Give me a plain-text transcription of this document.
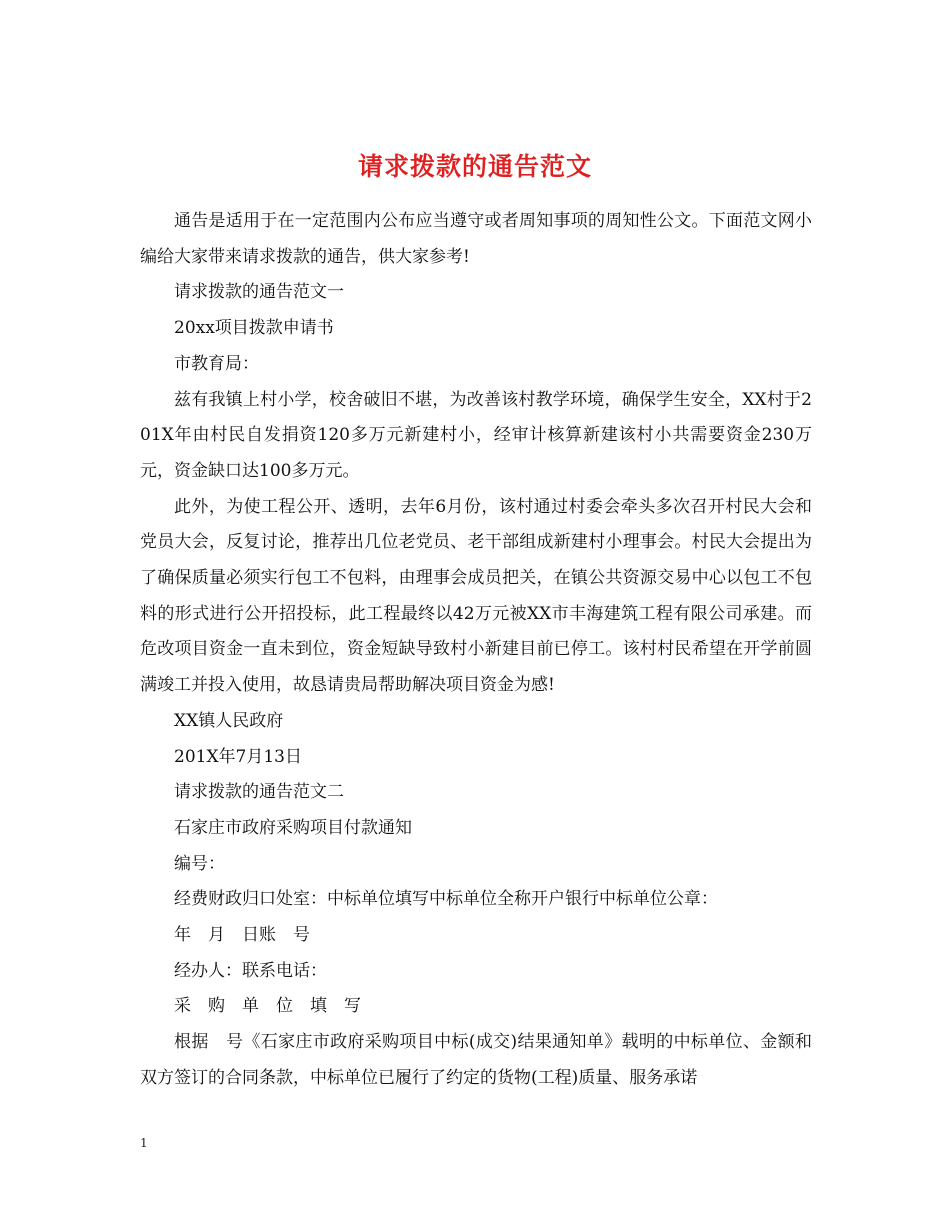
请求拨款的通告范文

通告是适用于在一定范围内公布应当遵守或者周知事项的周知性公文。下面范文网小编给大家带来请求拨款的通告，供大家参考!

请求拨款的通告范文一

20xx项目拨款申请书

市教育局：

兹有我镇上村小学，校舍破旧不堪，为改善该村教学环境，确保学生安全，XX村于201X年由村民自发捐资120多万元新建村小，经审计核算新建该村小共需要资金230万元，资金缺口达100多万元。

此外，为使工程公开、透明，去年6月份，该村通过村委会牵头多次召开村民大会和党员大会，反复讨论，推荐出几位老党员、老干部组成新建村小理事会。村民大会提出为了确保质量必须实行包工不包料，由理事会成员把关，在镇公共资源交易中心以包工不包料的形式进行公开招投标，此工程最终以42万元被XX市丰海建筑工程有限公司承建。而危改项目资金一直未到位，资金短缺导致村小新建目前已停工。该村村民希望在开学前圆满竣工并投入使用，故恳请贵局帮助解决项目资金为感!

XX镇人民政府

201X年7月13日

请求拨款的通告范文二

石家庄市政府采购项目付款通知

编号：

经费财政归口处室：中标单位填写中标单位全称开户银行中标单位公章：

年　月　日账　号

经办人：联系电话：

采　购　单　位　填　写

根据　号《石家庄市政府采购项目中标(成交)结果通知单》载明的中标单位、金额和双方签订的合同条款，中标单位已履行了约定的货物(工程)质量、服务承诺

1
